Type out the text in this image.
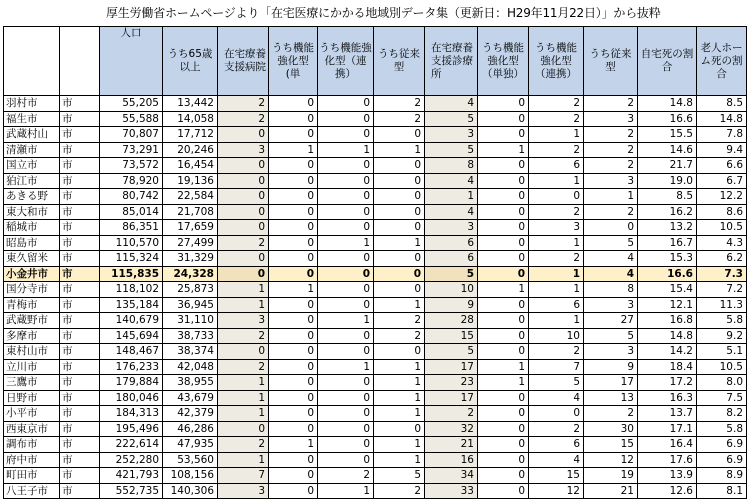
厚生労働省ホームページより「在宅医療にかかる地域別データ集（更新日：H29年11月22日）」から抜粋
		人口	うち65歳以上	在宅療養支援病院	うち機能強化型(単	うち機能強化型（連携）	うち従来型	在宅療養支援診療所	うち機能強化型（単独）	うち機能強化型（連携）	うち従来型	自宅死の割合	老人ホーム死の割合
羽村市	市	55,205	13,442	2	0	0	2	4	0	2	2	14.8	8.5
福生市	市	55,588	14,058	2	0	0	2	5	0	2	3	16.6	14.8
武蔵村山	市	70,807	17,712	0	0	0	0	3	0	1	2	15.5	7.8
清瀬市	市	73,291	20,246	3	1	1	1	5	1	2	2	14.6	9.4
国立市	市	73,572	16,454	0	0	0	0	8	0	6	2	21.7	6.6
狛江市	市	78,920	19,136	0	0	0	0	4	0	1	3	19.0	6.7
あきる野	市	80,742	22,584	0	0	0	0	1	0	0	1	8.5	12.2
東大和市	市	85,014	21,708	0	0	0	0	4	0	2	2	16.2	8.6
稲城市	市	86,351	17,659	0	0	0	0	3	0	3	0	13.2	10.5
昭島市	市	110,570	27,499	2	0	1	1	6	0	1	5	16.7	4.3
東久留米	市	115,324	31,329	0	0	0	0	6	0	2	4	15.3	6.2
小金井市	市	115,835	24,328	0	0	0	0	5	0	1	4	16.6	7.3
国分寺市	市	118,102	25,873	1	1	0	0	10	1	1	8	15.4	7.2
青梅市	市	135,184	36,945	1	0	0	1	9	0	6	3	12.1	11.3
武蔵野市	市	140,679	31,110	3	0	1	2	28	0	1	27	16.8	5.8
多摩市	市	145,694	38,733	2	0	0	2	15	0	10	5	14.8	9.2
東村山市	市	148,467	38,374	0	0	0	0	5	0	2	3	14.2	5.1
立川市	市	176,233	42,048	2	0	1	1	17	1	7	9	18.4	10.5
三鷹市	市	179,884	38,955	1	0	0	1	23	1	5	17	17.2	8.0
日野市	市	180,046	43,679	1	0	0	1	17	0	4	13	16.3	7.5
小平市	市	184,313	42,379	1	0	0	1	2	0	0	2	13.7	8.2
西東京市	市	195,496	46,286	0	0	0	0	32	0	2	30	17.1	5.8
調布市	市	222,614	47,935	2	1	0	1	21	0	6	15	16.4	6.9
府中市	市	252,280	53,560	1	0	0	1	16	0	4	12	17.6	6.9
町田市	市	421,793	108,156	7	0	2	5	34	0	15	19	13.9	8.9
八王子市	市	552,735	140,306	3	0	1	2	33	0	12	21	12.6	8.1
